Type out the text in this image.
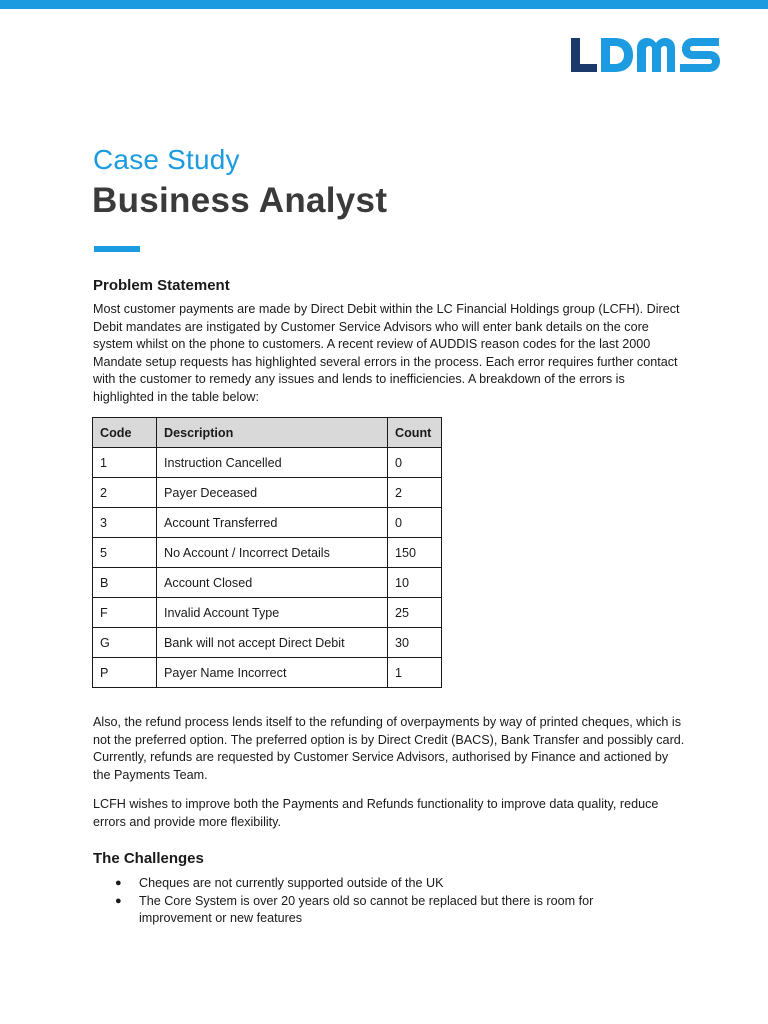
Case Study
Business Analyst
Problem Statement
Most customer payments are made by Direct Debit within the LC Financial Holdings group (LCFH). Direct Debit mandates are instigated by Customer Service Advisors who will enter bank details on the core system whilst on the phone to customers. A recent review of AUDDIS reason codes for the last 2000 Mandate setup requests has highlighted several errors in the process. Each error requires further contact with the customer to remedy any issues and lends to inefficiencies. A breakdown of the errors is highlighted in the table below:
Code	Description	Count
1	Instruction Cancelled	0
2	Payer Deceased	2
3	Account Transferred	0
5	No Account / Incorrect Details	150
B	Account Closed	10
F	Invalid Account Type	25
G	Bank will not accept Direct Debit	30
P	Payer Name Incorrect	1
Also, the refund process lends itself to the refunding of overpayments by way of printed cheques, which is not the preferred option. The preferred option is by Direct Credit (BACS), Bank Transfer and possibly card. Currently, refunds are requested by Customer Service Advisors, authorised by Finance and actioned by the Payments Team.
LCFH wishes to improve both the Payments and Refunds functionality to improve data quality, reduce errors and provide more flexibility.
The Challenges
● Cheques are not currently supported outside of the UK
● The Core System is over 20 years old so cannot be replaced but there is room for improvement or new features
